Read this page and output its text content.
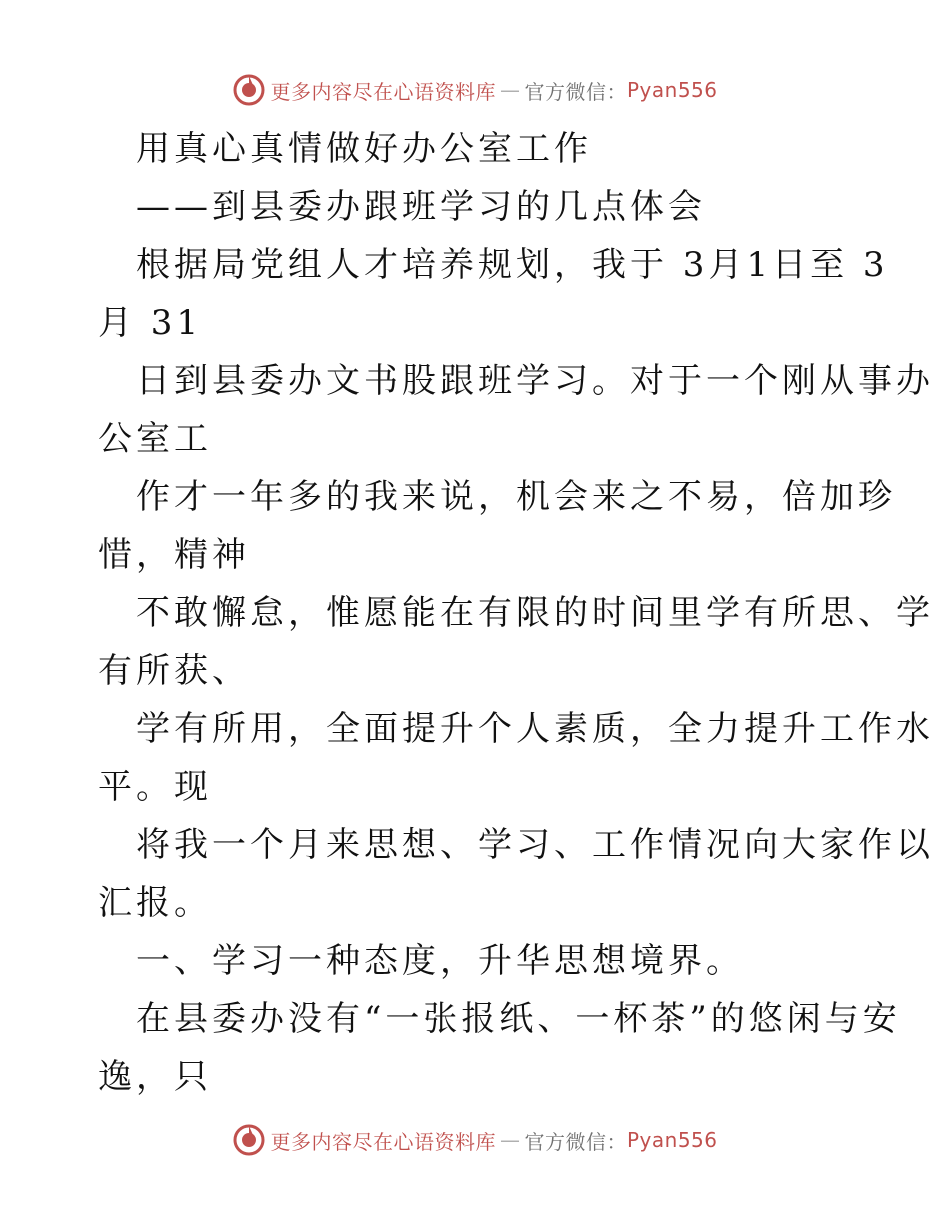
更多内容尽在心语资料库 — 官方微信： Pyan556
用真心真情做好办公室工作
——到县委办跟班学习的几点体会
根据局党组人才培养规划，我于 3月1日至 3
月 31
日到县委办文书股跟班学习。对于一个刚从事办
公室工
作才一年多的我来说，机会来之不易，倍加珍
惜，精神
不敢懈怠，惟愿能在有限的时间里学有所思、学
有所获、
学有所用，全面提升个人素质，全力提升工作水
平。现
将我一个月来思想、学习、工作情况向大家作以
汇报。
一、学习一种态度，升华思想境界。
在县委办没有“一张报纸、一杯茶”的悠闲与安
逸，只
更多内容尽在心语资料库 — 官方微信： Pyan556
